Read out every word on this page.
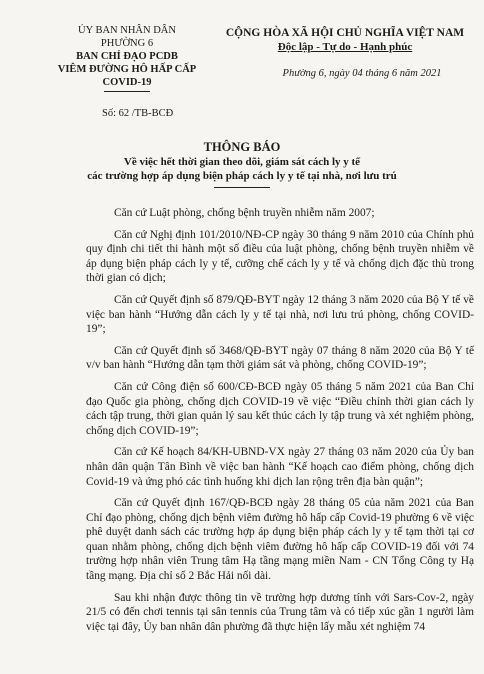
ỦY BAN NHÂN DÂN
PHƯỜNG 6
BAN CHỈ ĐẠO PCDB
VIÊM ĐƯỜNG HÔ HẤP CẤP
COVID-19
Số: 62 /TB-BCĐ
CỘNG HÒA XÃ HỘI CHỦ NGHĨA VIỆT NAM
Độc lập - Tự do - Hạnh phúc
Phường 6, ngày 04 tháng 6 năm 2021
THÔNG BÁO
Về việc hết thời gian theo dõi, giám sát cách ly y tế
các trường hợp áp dụng biện pháp cách ly y tế tại nhà, nơi lưu trú

Căn cứ Luật phòng, chống bệnh truyền nhiễm năm 2007;

Căn cứ Nghị định 101/2010/NĐ-CP ngày 30 tháng 9 năm 2010 của Chính phủ quy định chi tiết thi hành một số điều của luật phòng, chống bệnh truyền nhiễm về áp dụng biện pháp cách ly y tế, cưỡng chế cách ly y tế và chống dịch đặc thù trong thời gian có dịch;

Căn cứ Quyết định số 879/QĐ-BYT ngày 12 tháng 3 năm 2020 của Bộ Y tế về việc ban hành “Hướng dẫn cách ly y tế tại nhà, nơi lưu trú phòng, chống COVID-19”;

Căn cứ Quyết định số 3468/QĐ-BYT ngày 07 tháng 8 năm 2020 của Bộ Y tế v/v ban hành “Hướng dẫn tạm thời giám sát và phòng, chống COVID-19”;

Căn cứ Công điện số 600/CĐ-BCĐ ngày 05 tháng 5 năm 2021 của Ban Chỉ đạo Quốc gia phòng, chống dịch COVID-19 về việc “Điều chỉnh thời gian cách ly cách tập trung, thời gian quản lý sau kết thúc cách ly tập trung và xét nghiệm phòng, chống dịch COVID-19”;

Căn cứ Kế hoạch 84/KH-UBND-VX ngày 27 tháng 03 năm 2020 của Ủy ban nhân dân quận Tân Bình về việc ban hành “Kế hoạch cao điểm phòng, chống dịch Covid-19 và ứng phó các tình huống khi dịch lan rộng trên địa bàn quận”;

Căn cứ Quyết định 167/QĐ-BCĐ ngày 28 tháng 05 của năm 2021 của Ban Chỉ đạo phòng, chống dịch bệnh viêm đường hô hấp cấp Covid-19 phường 6 về việc phê duyệt danh sách các trường hợp áp dụng biện pháp cách ly y tế tạm thời tại cơ quan nhằm phòng, chống dịch bệnh viêm đường hô hấp cấp COVID-19 đối với 74 trường hợp nhân viên Trung tâm Hạ tầng mạng miền Nam - CN Tổng Công ty Hạ tầng mạng. Địa chỉ số 2 Bắc Hải nối dài.

Sau khi nhận được thông tin về trường hợp dương tính với Sars-Cov-2, ngày 21/5 có đến chơi tennis tại sân tennis của Trung tâm và có tiếp xúc gần 1 người làm việc tại đây, Ủy ban nhân dân phường đã thực hiện lấy mẫu xét nghiệm 74
